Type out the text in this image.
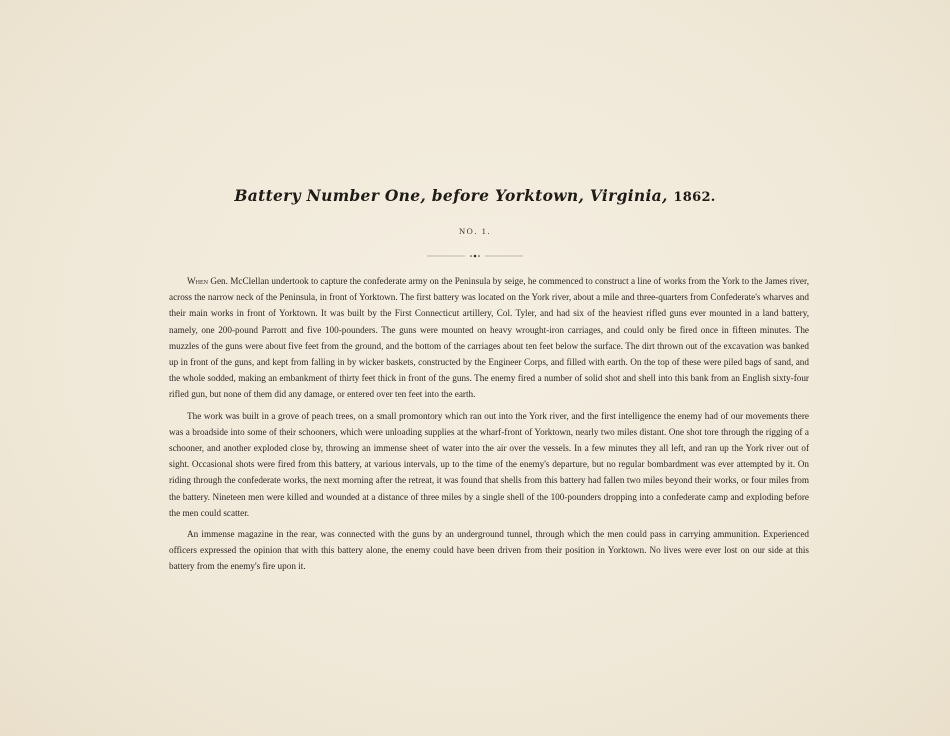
Battery Number One, before Yorktown, Virginia, 1862.
NO. 1.

When Gen. McClellan undertook to capture the confederate army on the Peninsula by seige, he commenced to construct a line of works from the York to the James river, across the narrow neck of the Peninsula, in front of Yorktown. The first battery was located on the York river, about a mile and three-quarters from Confederate's wharves and their main works in front of Yorktown. It was built by the First Connecticut artillery, Col. Tyler, and had six of the heaviest rifled guns ever mounted in a land battery, namely, one 200-pound Parrott and five 100-pounders. The guns were mounted on heavy wrought-iron carriages, and could only be fired once in fifteen minutes. The muzzles of the guns were about five feet from the ground, and the bottom of the carriages about ten feet below the surface. The dirt thrown out of the excavation was banked up in front of the guns, and kept from falling in by wicker baskets, constructed by the Engineer Corps, and filled with earth. On the top of these were piled bags of sand, and the whole sodded, making an embankment of thirty feet thick in front of the guns. The enemy fired a number of solid shot and shell into this bank from an English sixty-four rifled gun, but none of them did any damage, or entered over ten feet into the earth.

The work was built in a grove of peach trees, on a small promontory which ran out into the York river, and the first intelligence the enemy had of our movements there was a broadside into some of their schooners, which were unloading supplies at the wharf-front of Yorktown, nearly two miles distant. One shot tore through the rigging of a schooner, and another exploded close by, throwing an immense sheet of water into the air over the vessels. In a few minutes they all left, and ran up the York river out of sight. Occasional shots were fired from this battery, at various intervals, up to the time of the enemy's departure, but no regular bombardment was ever attempted by it. On riding through the confederate works, the next morning after the retreat, it was found that shells from this battery had fallen two miles beyond their works, or four miles from the battery. Nineteen men were killed and wounded at a distance of three miles by a single shell of the 100-pounders dropping into a confederate camp and exploding before the men could scatter.

An immense magazine in the rear, was connected with the guns by an underground tunnel, through which the men could pass in carrying ammunition. Experienced officers expressed the opinion that with this battery alone, the enemy could have been driven from their position in Yorktown. No lives were ever lost on our side at this battery from the enemy's fire upon it.
